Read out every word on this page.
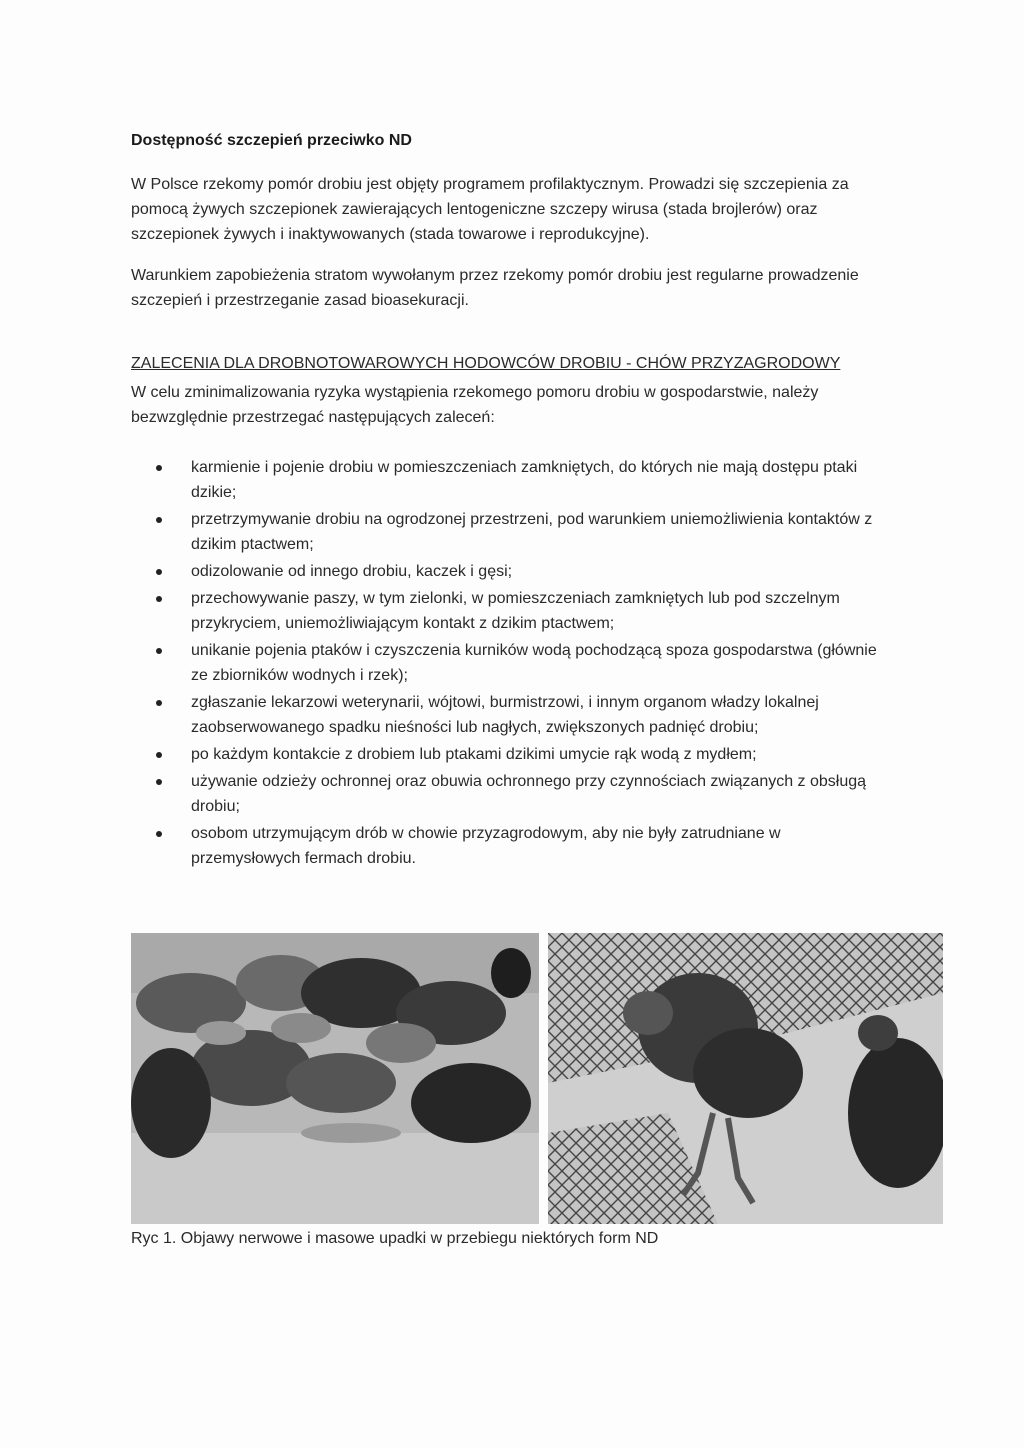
Dostępność szczepień przeciwko ND
W Polsce rzekomy pomór drobiu jest objęty programem profilaktycznym. Prowadzi się szczepienia za pomocą żywych szczepionek zawierających lentogeniczne szczepy wirusa (stada brojlerów) oraz szczepionek żywych i inaktywowanych (stada towarowe i reprodukcyjne).
Warunkiem zapobieżenia stratom wywołanym przez rzekomy pomór drobiu jest regularne prowadzenie szczepień i przestrzeganie zasad bioasekuracji.
ZALECENIA DLA DROBNOTOWAROWYCH HODOWCÓW DROBIU - CHÓW PRZYZAGRODOWY
W celu zminimalizowania ryzyka wystąpienia rzekomego pomoru drobiu w gospodarstwie, należy bezwzględnie przestrzegać następujących zaleceń:
karmienie i pojenie drobiu w pomieszczeniach zamkniętych, do których nie mają dostępu ptaki dzikie;
przetrzymywanie drobiu na ogrodzonej przestrzeni, pod warunkiem uniemożliwienia kontaktów z dzikim ptactwem;
odizolowanie od innego drobiu, kaczek i gęsi;
przechowywanie paszy, w tym zielonki, w pomieszczeniach zamkniętych lub pod szczelnym przykryciem, uniemożliwiającym kontakt z dzikim ptactwem;
unikanie pojenia ptaków i czyszczenia kurników wodą pochodzącą spoza gospodarstwa (głównie ze zbiorników wodnych i rzek);
zgłaszanie lekarzowi weterynarii, wójtowi, burmistrzowi, i innym organom władzy lokalnej zaobserwowanego spadku nieśności lub nagłych, zwiększonych padnięć drobiu;
po każdym kontakcie z drobiem lub ptakami dzikimi umycie rąk wodą z mydłem;
używanie odzieży ochronnej oraz obuwia ochronnego przy czynnościach związanych z obsługą drobiu;
osobom utrzymującym drób w chowie przyzagrodowym, aby nie były zatrudniane w przemysłowych fermach drobiu.
Ryc 1. Objawy nerwowe i masowe upadki w przebiegu niektórych form ND
